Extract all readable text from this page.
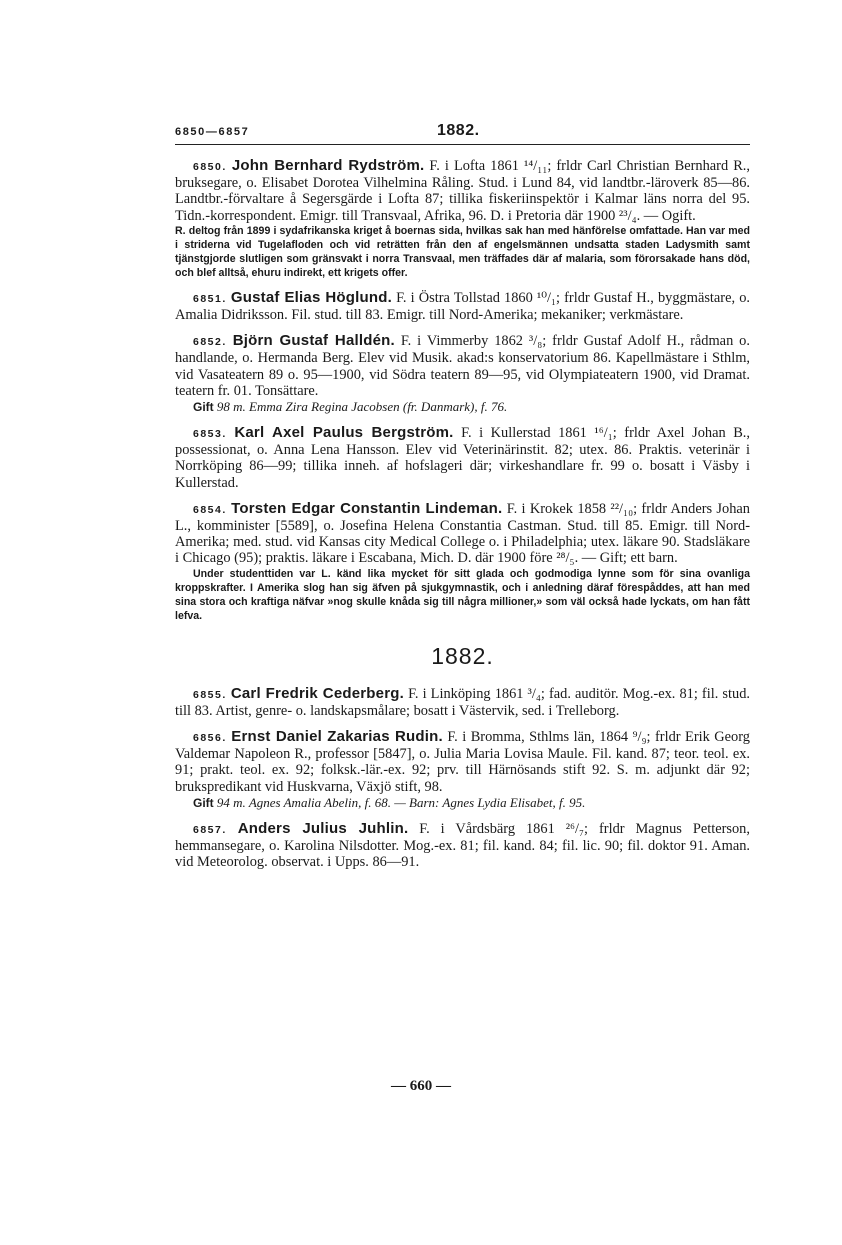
6850—6857	1882.

6850. John Bernhard Rydström. F. i Lofta 1861 ¹⁴/₁₁; frldr Carl Christian Bernhard R., bruksegare, o. Elisabet Dorotea Vilhelmina Råling. Stud. i Lund 84, vid landtbr.-läroverk 85—86. Landtbr.-förvaltare å Segersgärde i Lofta 87; tillika fiskeriinspektör i Kalmar läns norra del 95. Tidn.-korrespondent. Emigr. till Transvaal, Afrika, 96. D. i Pretoria där 1900 ²³/₄. — Ogift.

R. deltog från 1899 i sydafrikanska kriget å boernas sida, hvilkas sak han med hänförelse omfattade. Han var med i striderna vid Tugelafloden och vid reträtten från den af engelsmännen undsatta staden Ladysmith samt tjänstgjorde slutligen som gränsvakt i norra Transvaal, men träffades där af malaria, som förorsakade hans död, och blef alltså, ehuru indirekt, ett krigets offer.

6851. Gustaf Elias Höglund. F. i Östra Tollstad 1860 ¹⁰/₁; frldr Gustaf H., byggmästare, o. Amalia Didriksson. Fil. stud. till 83. Emigr. till Nord-Amerika; mekaniker; verkmästare.

6852. Björn Gustaf Halldén. F. i Vimmerby 1862 ³/₈; frldr Gustaf Adolf H., rådman o. handlande, o. Hermanda Berg. Elev vid Musik. akad:s konservatorium 86. Kapellmästare i Sthlm, vid Vasateatern 89 o. 95—1900, vid Södra teatern 89—95, vid Olympiateatern 1900, vid Dramat. teatern fr. 01. Tonsättare.

Gift 98 m. Emma Zira Regina Jacobsen (fr. Danmark), f. 76.

6853. Karl Axel Paulus Bergström. F. i Kullerstad 1861 ¹⁶/₁; frldr Axel Johan B., possessionat, o. Anna Lena Hansson. Elev vid Veterinärinstit. 82; utex. 86. Praktis. veterinär i Norrköping 86—99; tillika inneh. af hofslageri där; virkeshandlare fr. 99 o. bosatt i Väsby i Kullerstad.

6854. Torsten Edgar Constantin Lindeman. F. i Krokek 1858 ²²/₁₀; frldr Anders Johan L., komminister [5589], o. Josefina Helena Constantia Castman. Stud. till 85. Emigr. till Nord-Amerika; med. stud. vid Kansas city Medical College o. i Philadelphia; utex. läkare 90. Stadsläkare i Chicago (95); praktis. läkare i Escabana, Mich. D. där 1900 före ²⁸/₅. — Gift; ett barn.

Under studenttiden var L. känd lika mycket för sitt glada och godmodiga lynne som för sina ovanliga kroppskrafter. I Amerika slog han sig äfven på sjukgymnastik, och i anledning däraf förespåddes, att han med sina stora och kraftiga näfvar »nog skulle knåda sig till några millioner,» som väl också hade lyckats, om han fått lefva.

1882.

6855. Carl Fredrik Cederberg. F. i Linköping 1861 ³/₄; fad. auditör. Mog.-ex. 81; fil. stud. till 83. Artist, genre- o. landskapsmålare; bosatt i Västervik, sed. i Trelleborg.

6856. Ernst Daniel Zakarias Rudin. F. i Bromma, Sthlms län, 1864 ⁹/₉; frldr Erik Georg Valdemar Napoleon R., professor [5847], o. Julia Maria Lovisa Maule. Fil. kand. 87; teor. teol. ex. 91; prakt. teol. ex. 92; folksk.-lär.-ex. 92; prv. till Härnösands stift 92. S. m. adjunkt där 92; brukspredikant vid Huskvarna, Växjö stift, 98.

Gift 94 m. Agnes Amalia Abelin, f. 68. — Barn: Agnes Lydia Elisabet, f. 95.

6857. Anders Julius Juhlin. F. i Vårdsbärg 1861 ²⁶/₇; frldr Magnus Petterson, hemmansegare, o. Karolina Nilsdotter. Mog.-ex. 81; fil. kand. 84; fil. lic. 90; fil. doktor 91. Aman. vid Meteorolog. observat. i Upps. 86—91.

— 660 —
